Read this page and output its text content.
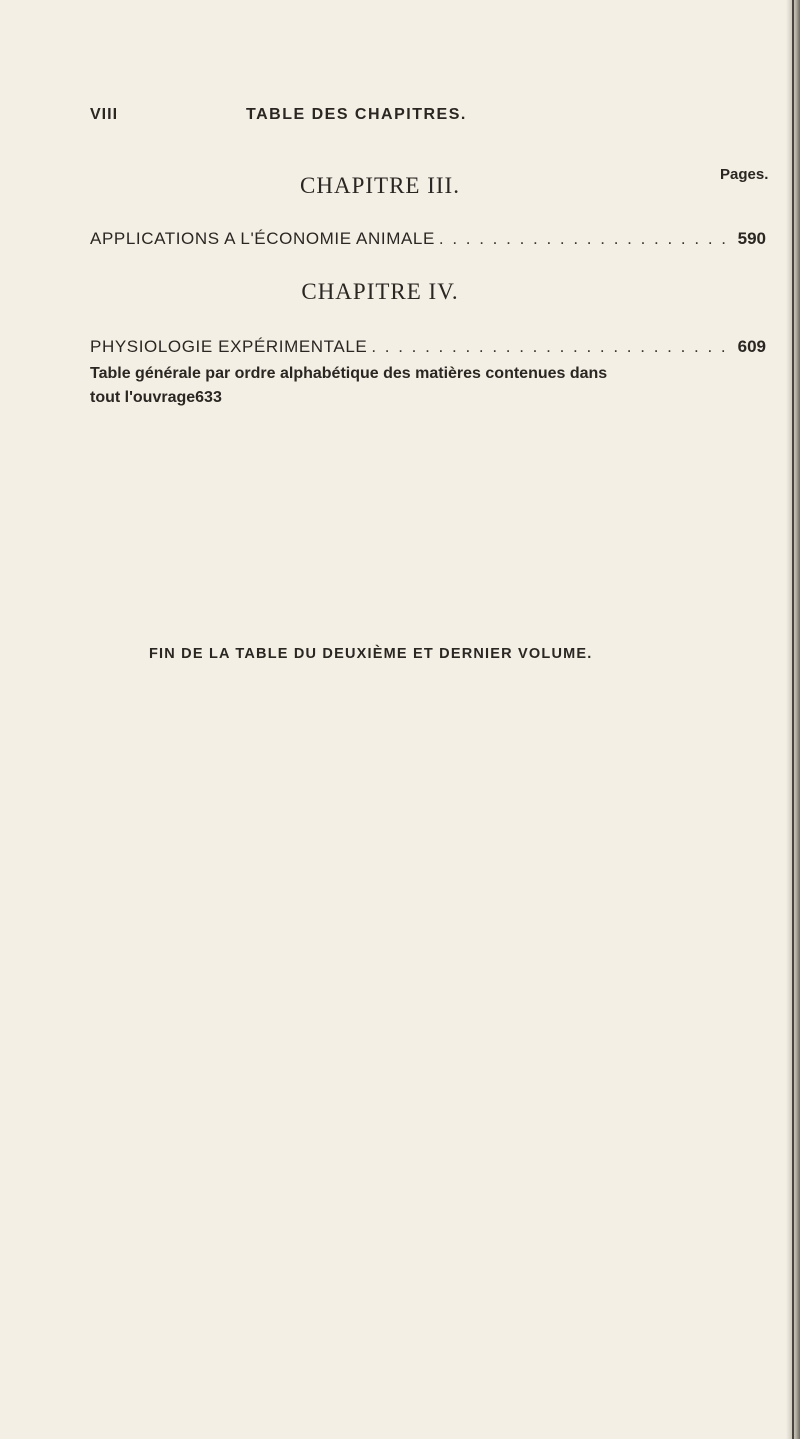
VIII	TABLE DES CHAPITRES.
Pages.
CHAPITRE III.
APPLICATIONS A L'ÉCONOMIE ANIMALE . . .	590
CHAPITRE IV.
PHYSIOLOGIE EXPÉRIMENTALE . . .	609
Table générale par ordre alphabétique des matières contenues dans
tout l'ouvrage 633
FIN DE LA TABLE DU DEUXIÈME ET DERNIER VOLUME.
